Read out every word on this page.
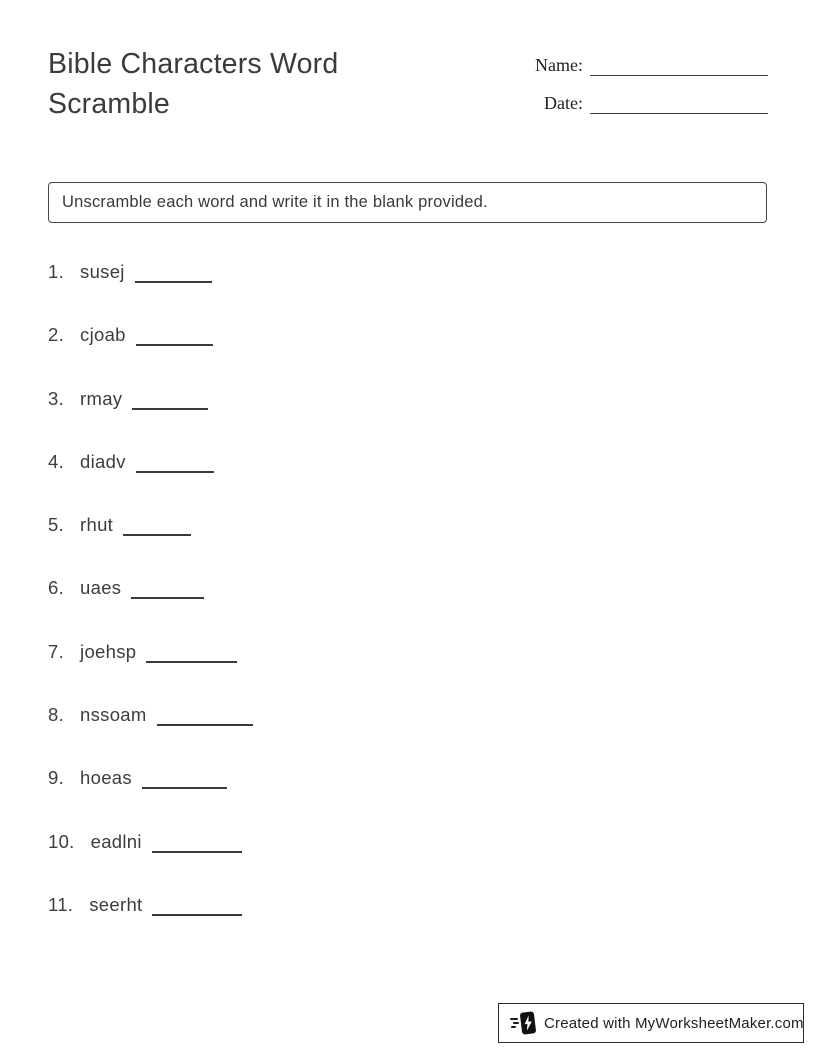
Bible Characters Word Scramble
Name:
Date:
Unscramble each word and write it in the blank provided.
1. susej
2. cjoab
3. rmay
4. diadv
5. rhut
6. uaes
7. joehsp
8. nssoam
9. hoeas
10. eadlni
11. seerht
Created with MyWorksheetMaker.com
